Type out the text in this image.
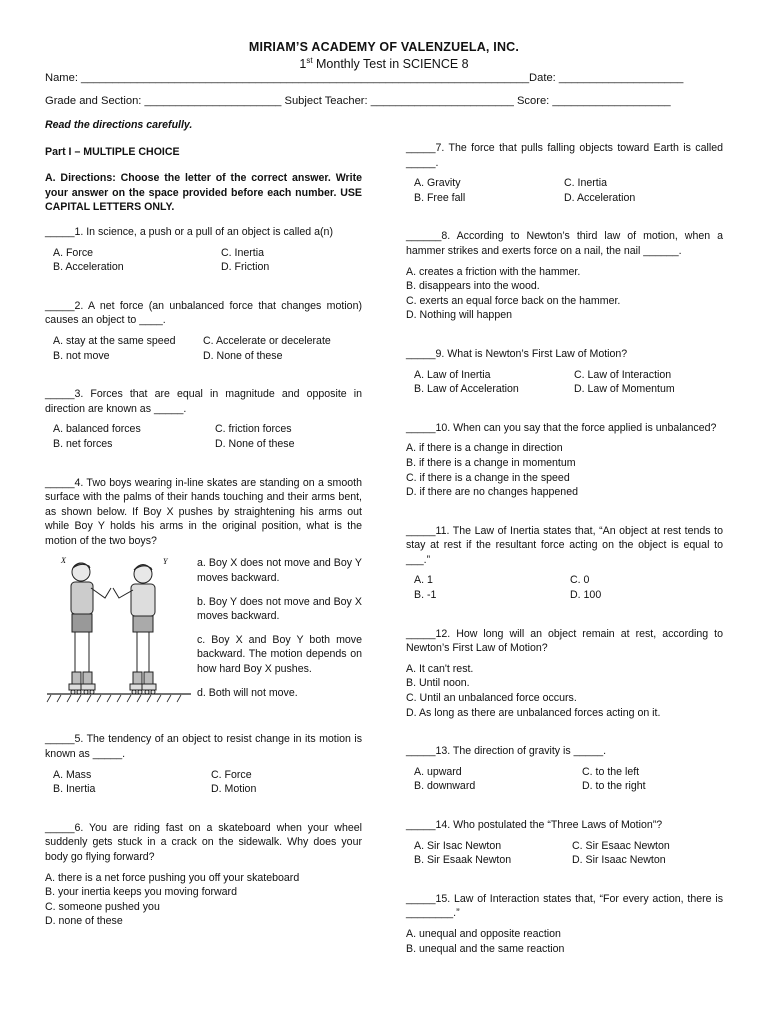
MIRIAM’S ACADEMY OF VALENZUELA, INC.
1st Monthly Test in SCIENCE 8
Name: ________________________________________________________________________Date: ____________________
Grade and Section: ______________________ Subject Teacher: _______________________ Score: ___________________

Read the directions carefully.

Part I – MULTIPLE CHOICE

A. Directions: Choose the letter of the correct answer. Write your answer on the space provided before each number. USE CAPITAL LETTERS ONLY.

_____1. In science, a push or a pull of an object is called a(n)

A. Force	C. Inertia
B. Acceleration	D. Friction

_____2. A net force (an unbalanced force that changes motion) causes an object to ____.

A. stay at the same speed	C. Accelerate or decelerate
B. not move	D. None of these

_____3. Forces that are equal in magnitude and opposite in direction are known as _____.

A. balanced forces	C. friction forces
B. net forces	D. None of these

_____4. Two boys wearing in-line skates are standing on a smooth surface with the palms of their hands touching and their arms bent, as shown below. If Boy X pushes by straightening his arms out while Boy Y holds his arms in the original position, what is the motion of the two boys?

X	Y	a. Boy X does not move and Boy Y moves backward.

b. Boy Y does not move and Boy X moves backward.

c. Boy X and Boy Y both move backward. The motion depends on how hard Boy X pushes.

d. Both will not move.

_____5. The tendency of an object to resist change in its motion is known as _____.

A. Mass	C. Force
B. Inertia	D. Motion

_____6. You are riding fast on a skateboard when your wheel suddenly gets stuck in a crack on the sidewalk. Why does your body go flying forward?

A. there is a net force pushing you off your skateboard
B. your inertia keeps you moving forward
C. someone pushed you
D. none of these

_____7. The force that pulls falling objects toward Earth is called _____.

A. Gravity	C. Inertia
B. Free fall	D. Acceleration

______8. According to Newton’s third law of motion, when a hammer strikes and exerts force on a nail, the nail ______.

A. creates a friction with the hammer.
B. disappears into the wood.
C. exerts an equal force back on the hammer.
D. Nothing will happen

_____9. What is Newton’s First Law of Motion?

A. Law of Inertia	C. Law of Interaction
B. Law of Acceleration	D. Law of Momentum

_____10. When can you say that the force applied is unbalanced?

A. if there is a change in direction
B. if there is a change in momentum
C. if there is a change in the speed
D. if there are no changes happened

_____11. The Law of Inertia states that, “An object at rest tends to stay at rest if the resultant force acting on the object is equal to ___.”

A. 1	C. 0
B. -1	D. 100

_____12. How long will an object remain at rest, according to Newton’s First Law of Motion?

A. It can't rest.
B. Until noon.
C. Until an unbalanced force occurs.
D. As long as there are unbalanced forces acting on it.

_____13. The direction of gravity is _____.

A. upward	C. to the left
B. downward	D. to the right

_____14. Who postulated the “Three Laws of Motion”?

A. Sir Isac Newton	C. Sir Esaac Newton
B. Sir Esaak Newton	D. Sir Isaac Newton

_____15. Law of Interaction states that, “For every action, there is ________.”

A. unequal and opposite reaction
B. unequal and the same reaction
